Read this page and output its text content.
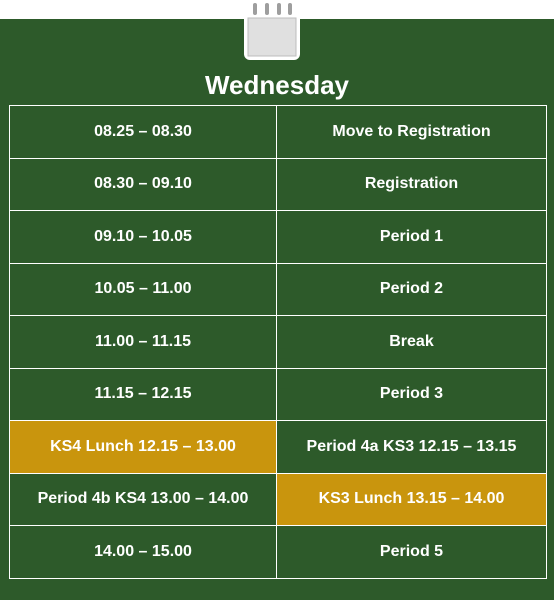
Wednesday
08.25 – 08.30	Move to Registration
08.30 – 09.10	Registration
09.10 – 10.05	Period 1
10.05 – 11.00	Period 2
11.00 – 11.15	Break
11.15 – 12.15	Period 3
KS4 Lunch 12.15 – 13.00	Period 4a KS3 12.15 – 13.15
Period 4b KS4 13.00 – 14.00	KS3 Lunch 13.15 – 14.00
14.00 – 15.00	Period 5
